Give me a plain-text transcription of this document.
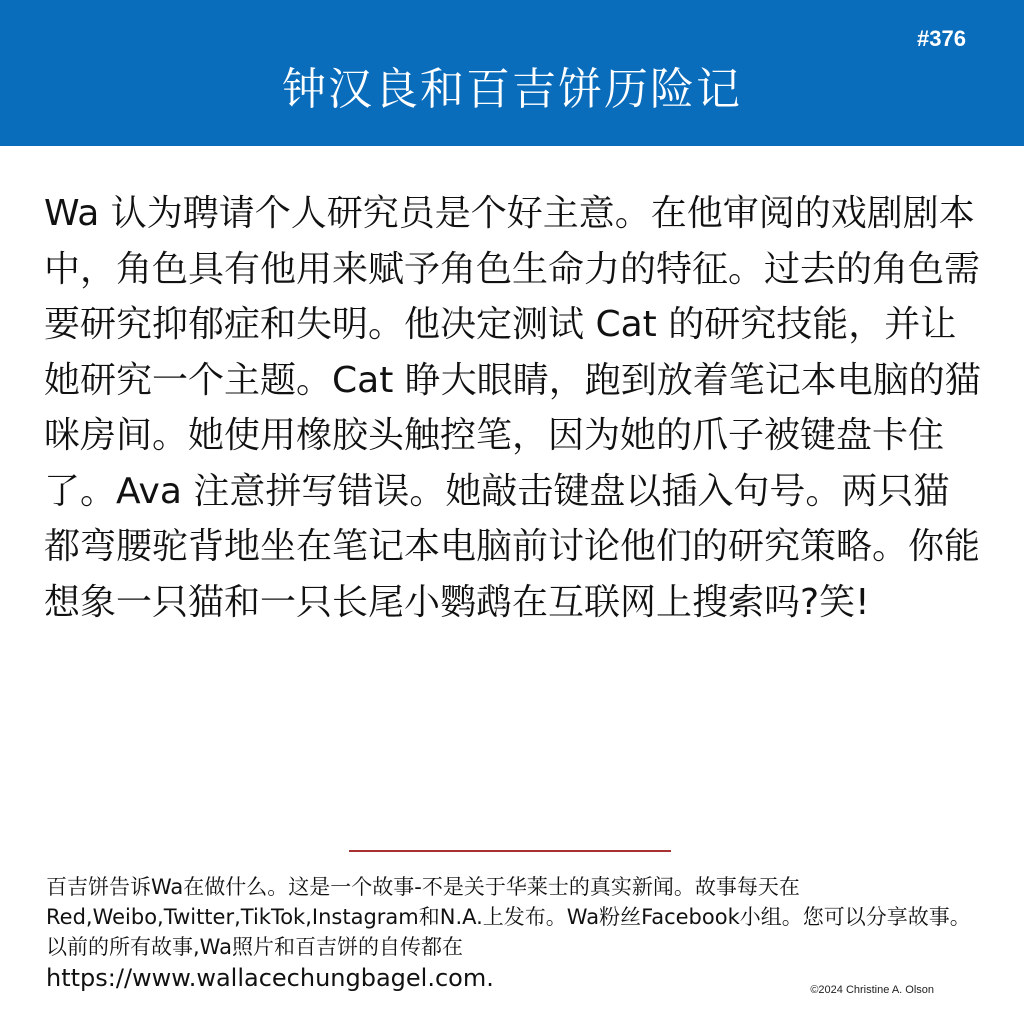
#376
钟汉良和百吉饼历险记

Wa 认为聘请个人研究员是个好主意。在他审阅的戏剧剧本中，角色具有他用来赋予角色生命力的特征。过去的角色需要研究抑郁症和失明。他决定测试 Cat 的研究技能，并让她研究一个主题。Cat 睁大眼睛，跑到放着笔记本电脑的猫咪房间。她使用橡胶头触控笔，因为她的爪子被键盘卡住了。Ava 注意拼写错误。她敲击键盘以插入句号。两只猫都弯腰驼背地坐在笔记本电脑前讨论他们的研究策略。你能想象一只猫和一只长尾小鹦鹉在互联网上搜索吗?笑!

百吉饼告诉Wa在做什么。这是一个故事-不是关于华莱士的真实新闻。故事每天在Red,Weibo,Twitter,TikTok,Instagram和N.A.上发布。Wa粉丝Facebook小组。您可以分享故事。以前的所有故事,Wa照片和百吉饼的自传都在
https://www.wallacechungbagel.com.	©2024 Christine A. Olson
